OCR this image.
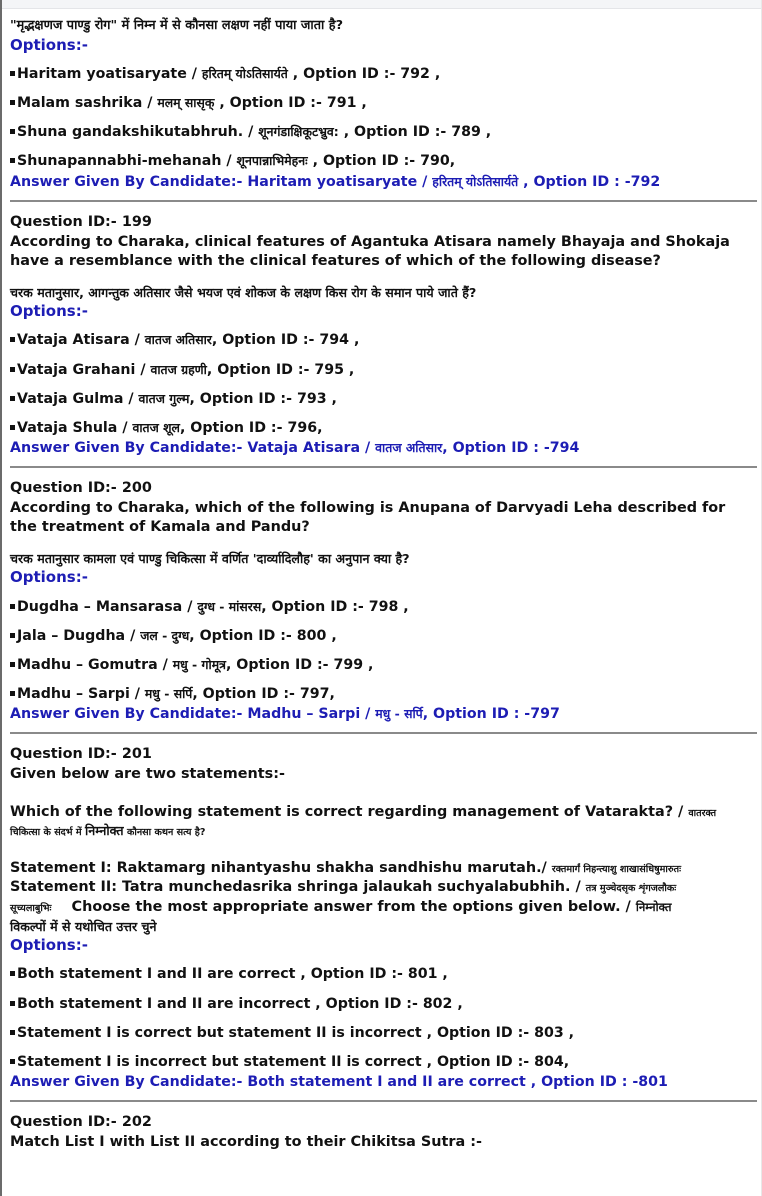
"मृद्भक्षणज पाण्डु रोग" में निम्न में से कौनसा लक्षण नहीं पाया जाता है?
Options:-
Haritam yoatisaryate / हरितम् योऽतिसार्यते , Option ID :- 792 ,
Malam sashrika / मलम् सासृक् , Option ID :- 791 ,
Shuna gandakshikutabhruh. / शूनगंडाक्षिकूटभ्रुव: , Option ID :- 789 ,
Shunapannabhi-mehanah / शूनपान्नाभिमेहनः , Option ID :- 790,
Answer Given By Candidate:- Haritam yoatisaryate / हरितम् योऽतिसार्यते , Option ID : -792
Question ID:- 199
According to Charaka, clinical features of Agantuka Atisara namely Bhayaja and Shokaja have a resemblance with the clinical features of which of the following disease?
चरक मतानुसार, आगन्तुक अतिसार जैसे भयज एवं शोकज के लक्षण किस रोग के समान पाये जाते हैं?
Options:-
Vataja Atisara / वातज अतिसार, Option ID :- 794 ,
Vataja Grahani / वातज ग्रहणी, Option ID :- 795 ,
Vataja Gulma / वातज गुल्म, Option ID :- 793 ,
Vataja Shula / वातज शूल, Option ID :- 796,
Answer Given By Candidate:- Vataja Atisara / वातज अतिसार, Option ID : -794
Question ID:- 200
According to Charaka, which of the following is Anupana of Darvyadi Leha described for the treatment of Kamala and Pandu?
चरक मतानुसार कामला एवं पाण्डु चिकित्सा में वर्णित 'दार्व्यादिलौह' का अनुपान क्या है?
Options:-
Dugdha – Mansarasa / दुग्ध - मांसरस, Option ID :- 798 ,
Jala – Dugdha / जल - दुग्ध, Option ID :- 800 ,
Madhu – Gomutra / मधु - गोमूत्र, Option ID :- 799 ,
Madhu – Sarpi / मधु - सर्पि, Option ID :- 797,
Answer Given By Candidate:- Madhu – Sarpi / मधु - सर्पि, Option ID : -797
Question ID:- 201
Given below are two statements:-
Which of the following statement is correct regarding management of Vatarakta? / वातरक्त
चिकित्सा के संदर्भ में निम्नोक्त कौनसा कथन सत्य है?
Statement I: Raktamarg nihantyashu shakha sandhishu marutah./ रक्तमार्गं निहन्त्याशु शाखासंधिषुमारुतः
Statement II: Tatra munchedasrika shringa jalaukah suchyalabubhih. / तत्र मुञ्चेदसृक शृंगजलौकः
सूच्यलाबुभिः Choose the most appropriate answer from the options given below. / निम्नोक्त
विकल्पों में से यथोचित उत्तर चुने
Options:-
Both statement I and II are correct , Option ID :- 801 ,
Both statement I and II are incorrect , Option ID :- 802 ,
Statement I is correct but statement II is incorrect , Option ID :- 803 ,
Statement I is incorrect but statement II is correct , Option ID :- 804,
Answer Given By Candidate:- Both statement I and II are correct , Option ID : -801
Question ID:- 202
Match List I with List II according to their Chikitsa Sutra :-
